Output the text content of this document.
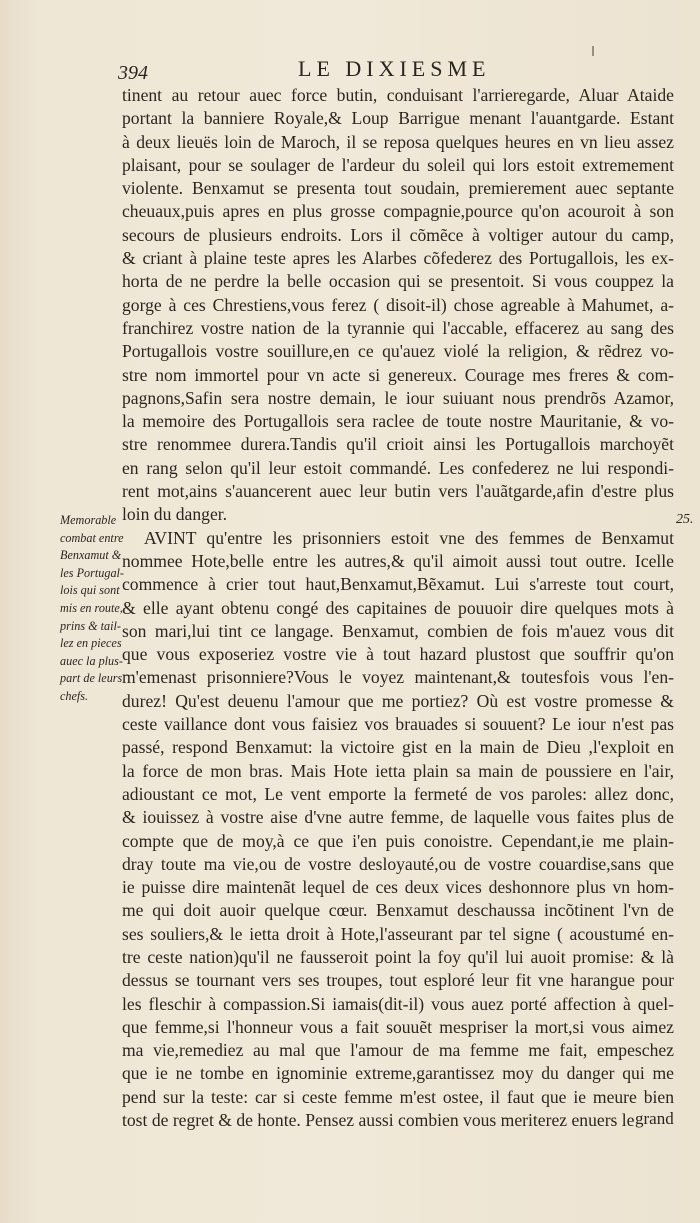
394	LE DIXIESME
Memorable
combat entre
Benxamut &
les Portugal-
lois qui sont
mis en route,
prins & tail-
lez en pieces
auec la plus-
part de leurs
chefs.
tinent au retour auec force butin, conduisant l'arrieregarde, Aluar Ataide
portant la banniere Royale,& Loup Barrigue menant l'auantgarde. Estant
à deux lieuës loin de Maroch, il se reposa quelques heures en vn lieu assez
plaisant, pour se soulager de l'ardeur du soleil qui lors estoit extremement
violente. Benxamut se presenta tout soudain, premierement auec septante
cheuaux,puis apres en plus grosse compagnie,pource qu'on acouroit à son
secours de plusieurs endroits. Lors il cõmẽce à voltiger autour du camp,
& criant à plaine teste apres les Alarbes cõfederez des Portugallois, les ex-
horta de ne perdre la belle occasion qui se presentoit. Si vous couppez la
gorge à ces Chrestiens,vous ferez ( disoit-il) chose agreable à Mahumet, a-
franchirez vostre nation de la tyrannie qui l'accable, effacerez au sang des
Portugallois vostre souillure,en ce qu'auez violé la religion, & rẽdrez vo-
stre nom immortel pour vn acte si genereux. Courage mes freres & com-
pagnons,Safin sera nostre demain, le iour suiuant nous prendrõs Azamor,
la memoire des Portugallois sera raclee de toute nostre Mauritanie, & vo-
stre renommee durera.Tandis qu'il crioit ainsi les Portugallois marchoyẽt
en rang selon qu'il leur estoit commandé. Les confederez ne lui respondi-
rent mot,ains s'auancerent auec leur butin vers l'auãtgarde,afin d'estre plus
loin du danger.
AVINT qu'entre les prisonniers estoit vne des femmes de Benxamut
nommee Hote,belle entre les autres,& qu'il aimoit aussi tout outre. Icelle
commence à crier tout haut,Benxamut,Bẽxamut. Lui s'arreste tout court,
& elle ayant obtenu congé des capitaines de pouuoir dire quelques mots à
son mari,lui tint ce langage. Benxamut, combien de fois m'auez vous dit
que vous exposeriez vostre vie à tout hazard plustost que souffrir qu'on
m'emenast prisonniere?Vous le voyez maintenant,& toutesfois vous l'en-
durez! Qu'est deuenu l'amour que me portiez? Où est vostre promesse &
ceste vaillance dont vous faisiez vos brauades si souuent? Le iour n'est pas
passé, respond Benxamut: la victoire gist en la main de Dieu ,l'exploit en
la force de mon bras. Mais Hote ietta plain sa main de poussiere en l'air,
adioustant ce mot, Le vent emporte la fermeté de vos paroles: allez donc,
& iouissez à vostre aise d'vne autre femme, de laquelle vous faites plus de
compte que de moy,à ce que i'en puis conoistre. Cependant,ie me plain-
dray toute ma vie,ou de vostre desloyauté,ou de vostre couardise,sans que
ie puisse dire maintenãt lequel de ces deux vices deshonnore plus vn hom-
me qui doit auoir quelque cœur. Benxamut deschaussa incõtinent l'vn de
ses souliers,& le ietta droit à Hote,l'asseurant par tel signe ( acoustumé en-
tre ceste nation)qu'il ne fausseroit point la foy qu'il lui auoit promise: & là
dessus se tournant vers ses troupes, tout esploré leur fit vne harangue pour
les fleschir à compassion.Si iamais(dit-il) vous auez porté affection à quel-
que femme,si l'honneur vous a fait souuẽt mespriser la mort,si vous aimez
ma vie,remediez au mal que l'amour de ma femme me fait, empeschez
que ie ne tombe en ignominie extreme,garantissez moy du danger qui me
pend sur la teste: car si ceste femme m'est ostee, il faut que ie meure bien
tost de regret & de honte. Pensez aussi combien vous meriterez enuers le
25.
grand
